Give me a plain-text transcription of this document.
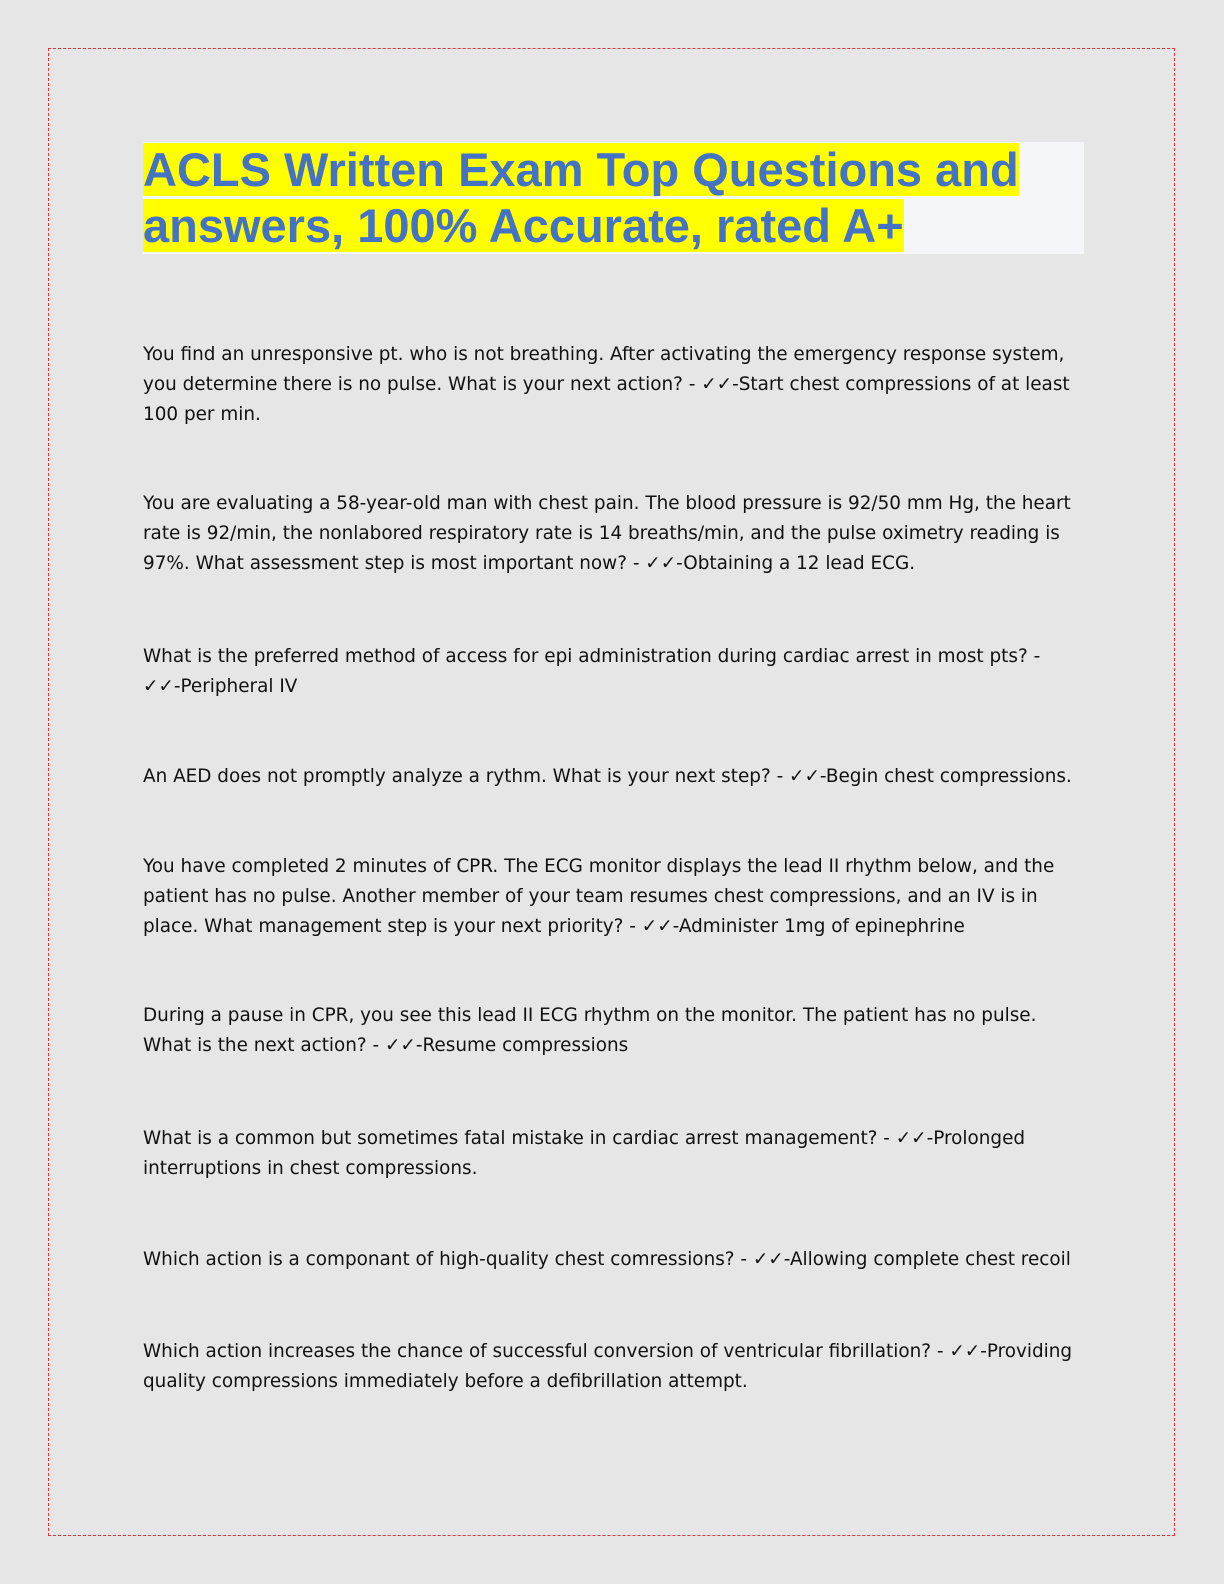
ACLS Written Exam Top Questions and
answers, 100% Accurate, rated A+

You find an unresponsive pt. who is not breathing. After activating the emergency response system, you determine there is no pulse. What is your next action? - ✓✓-Start chest compressions of at least 100 per min.

You are evaluating a 58-year-old man with chest pain. The blood pressure is 92/50 mm Hg, the heart rate is 92/min, the nonlabored respiratory rate is 14 breaths/min, and the pulse oximetry reading is 97%. What assessment step is most important now? - ✓✓-Obtaining a 12 lead ECG.

What is the preferred method of access for epi administration during cardiac arrest in most pts? - ✓✓-Peripheral IV

An AED does not promptly analyze a rythm. What is your next step? - ✓✓-Begin chest compressions.

You have completed 2 minutes of CPR. The ECG monitor displays the lead II rhythm below, and the patient has no pulse. Another member of your team resumes chest compressions, and an IV is in place. What management step is your next priority? - ✓✓-Administer 1mg of epinephrine

During a pause in CPR, you see this lead II ECG rhythm on the monitor. The patient has no pulse. What is the next action? - ✓✓-Resume compressions

What is a common but sometimes fatal mistake in cardiac arrest management? - ✓✓-Prolonged interruptions in chest compressions.

Which action is a componant of high-quality chest comressions? - ✓✓-Allowing complete chest recoil

Which action increases the chance of successful conversion of ventricular fibrillation? - ✓✓-Providing quality compressions immediately before a defibrillation attempt.
